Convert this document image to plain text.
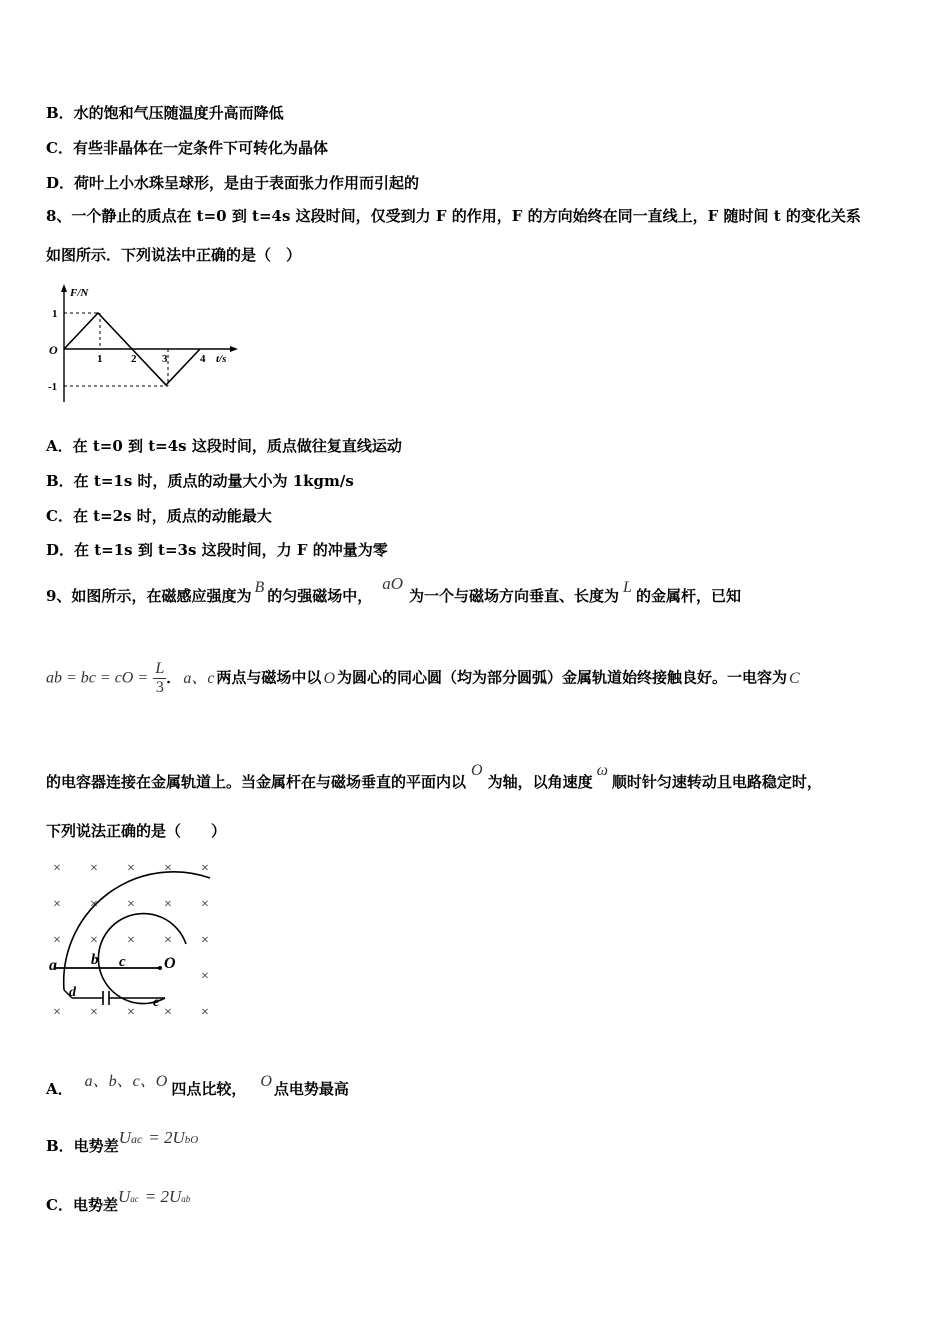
B．水的饱和气压随温度升高而降低
C．有些非晶体在一定条件下可转化为晶体
D．荷叶上小水珠呈球形，是由于表面张力作用而引起的
8、一个静止的质点在 t=0 到 t=4s 这段时间，仅受到力 F 的作用，F 的方向始终在同一直线上，F 随时间 t 的变化关系
如图所示．下列说法中正确的是（　）
F/N
t/s
O
1
-1
1	2 3	4
A．在 t=0 到 t=4s 这段时间，质点做往复直线运动
B．在 t=1s 时，质点的动量大小为 1kgm/s
C．在 t=2s 时，质点的动能最大
D．在 t=1s 到 t=3s 这段时间，力 F 的冲量为零
9、如图所示，在磁感应强度为 B 的匀强磁场中，aO为一个与磁场方向垂直、长度为 L 的金属杆，已知
ab = bc = cO = $\frac{L}{3}$ ． a、c 两点与磁场中以 O 为圆心的同心圆（均为部分圆弧）金属轨道始终接触良好。一电容为 C
的电容器连接在金属轨道上。当金属杆在与磁场垂直的平面内以O为轴，以角速度ω顺时针匀速转动且电路稳定时，
下列说法正确的是（　　）
× × × × ×
× × × × ×
× × × × ×
×
× × × × ×
a b c O
d
e
A． a、b、c、O 四点比较， O 点电势最高
B．电势差Uac = 2UbO
C．电势差Uac = 2Uab
